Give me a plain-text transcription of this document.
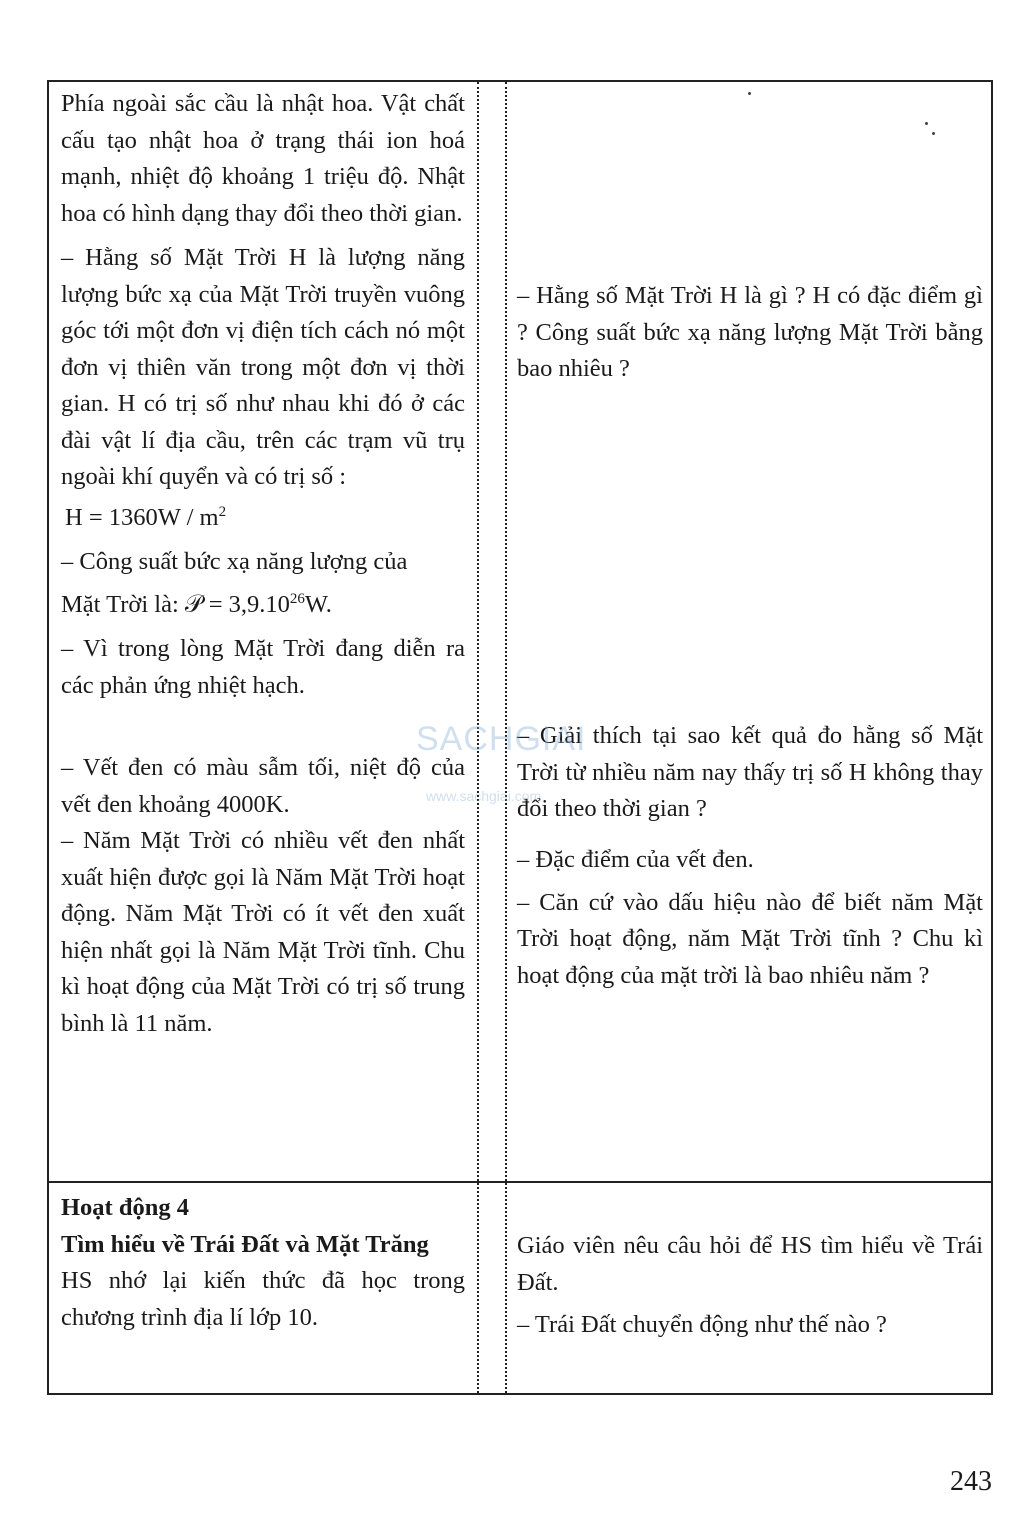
Phía ngoài sắc cầu là nhật hoa. Vật chất cấu tạo nhật hoa ở trạng thái ion hoá mạnh, nhiệt độ khoảng 1 triệu độ. Nhật hoa có hình dạng thay đổi theo thời gian.

– Hằng số Mặt Trời H là lượng năng lượng bức xạ của Mặt Trời truyền vuông góc tới một đơn vị điện tích cách nó một đơn vị thiên văn trong một đơn vị thời gian. H có trị số như nhau khi đó ở các đài vật lí địa cầu, trên các trạm vũ trụ ngoài khí quyển và có trị số :

$H = 1360W / m^2$

– Công suất bức xạ năng lượng của

Mặt Trời là: 𝒫 = $3,9.10^{26}W$.

– Vì trong lòng Mặt Trời đang diễn ra các phản ứng nhiệt hạch.

– Vết đen có màu sẫm tối, niệt độ của vết đen khoảng 4000K.

– Năm Mặt Trời có nhiều vết đen nhất xuất hiện được gọi là Năm Mặt Trời hoạt động. Năm Mặt Trời có ít vết đen xuất hiện nhất gọi là Năm Mặt Trời tĩnh. Chu kì hoạt động của Mặt Trời có trị số trung bình là 11 năm.

– Hằng số Mặt Trời H là gì ? H có đặc điểm gì ? Công suất bức xạ năng lượng Mặt Trời bằng bao nhiêu ?

– Giải thích tại sao kết quả đo hằng số Mặt Trời từ nhiều năm nay thấy trị số H không thay đổi theo thời gian ?

– Đặc điểm của vết đen.

– Căn cứ vào dấu hiệu nào để biết năm Mặt Trời hoạt động, năm Mặt Trời tĩnh ? Chu kì hoạt động của mặt trời là bao nhiêu năm ?

Hoạt động 4

Tìm hiểu về Trái Đất và Mặt Trăng

HS nhớ lại kiến thức đã học trong chương trình địa lí lớp 10.

Giáo viên nêu câu hỏi để HS tìm hiểu về Trái Đất.

– Trái Đất chuyển động như thế nào ?

SACHGIAI
www.sachgiai.com
243
